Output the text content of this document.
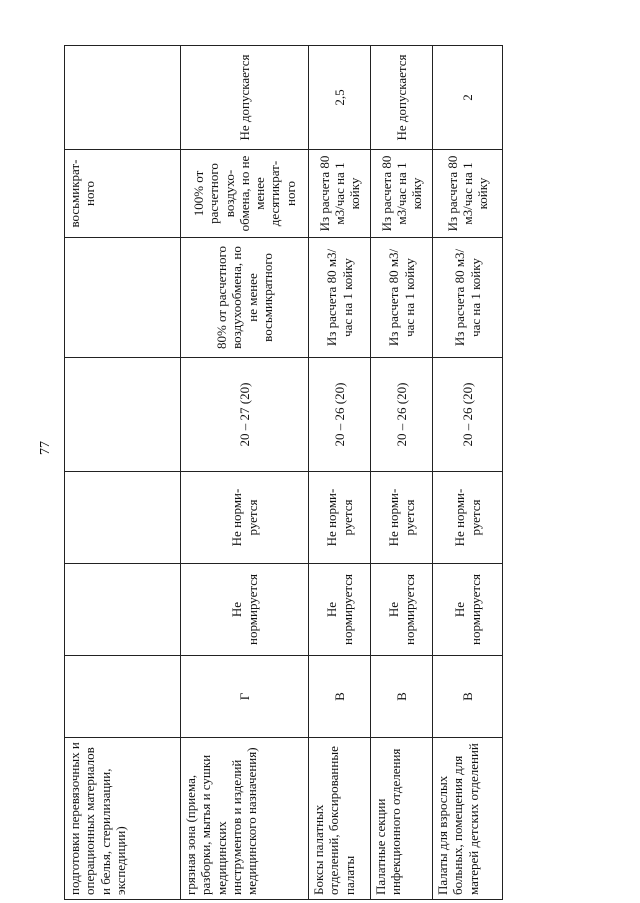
77
подготовки перевязочных и операционных материалов и белья, стерилизации, экспедиции)						восьмикрат-ного	
грязная зона (приема, разборки, мытья и сушки медицинских инструментов и изделий медицинского назначения)	Г	Не нормируется	Не норми-руется	20 – 27 (20)	80% от расчетного воздухообмена, но не менее восьмикратного	100% от расчетного воздухо-обмена, но не менее десятикрат-ного	Не допускается
Боксы палатных отделений, боксированные палаты	В	Не нормируется	Не норми-руется	20 – 26 (20)	Из расчета 80 м3/час на 1 койку	Из расчета 80 м3/час на 1 койку	2,5
Палатные секции инфекционного отделения	В	Не нормируется	Не норми-руется	20 – 26 (20)	Из расчета 80 м3/час на 1 койку	Из расчета 80 м3/час на 1 койку	Не допускается
Палаты для взрослых больных, помещения для матерей детских отделений	В	Не нормируется	Не норми-руется	20 – 26 (20)	Из расчета 80 м3/час на 1 койку	Из расчета 80 м3/час на 1 койку	2
